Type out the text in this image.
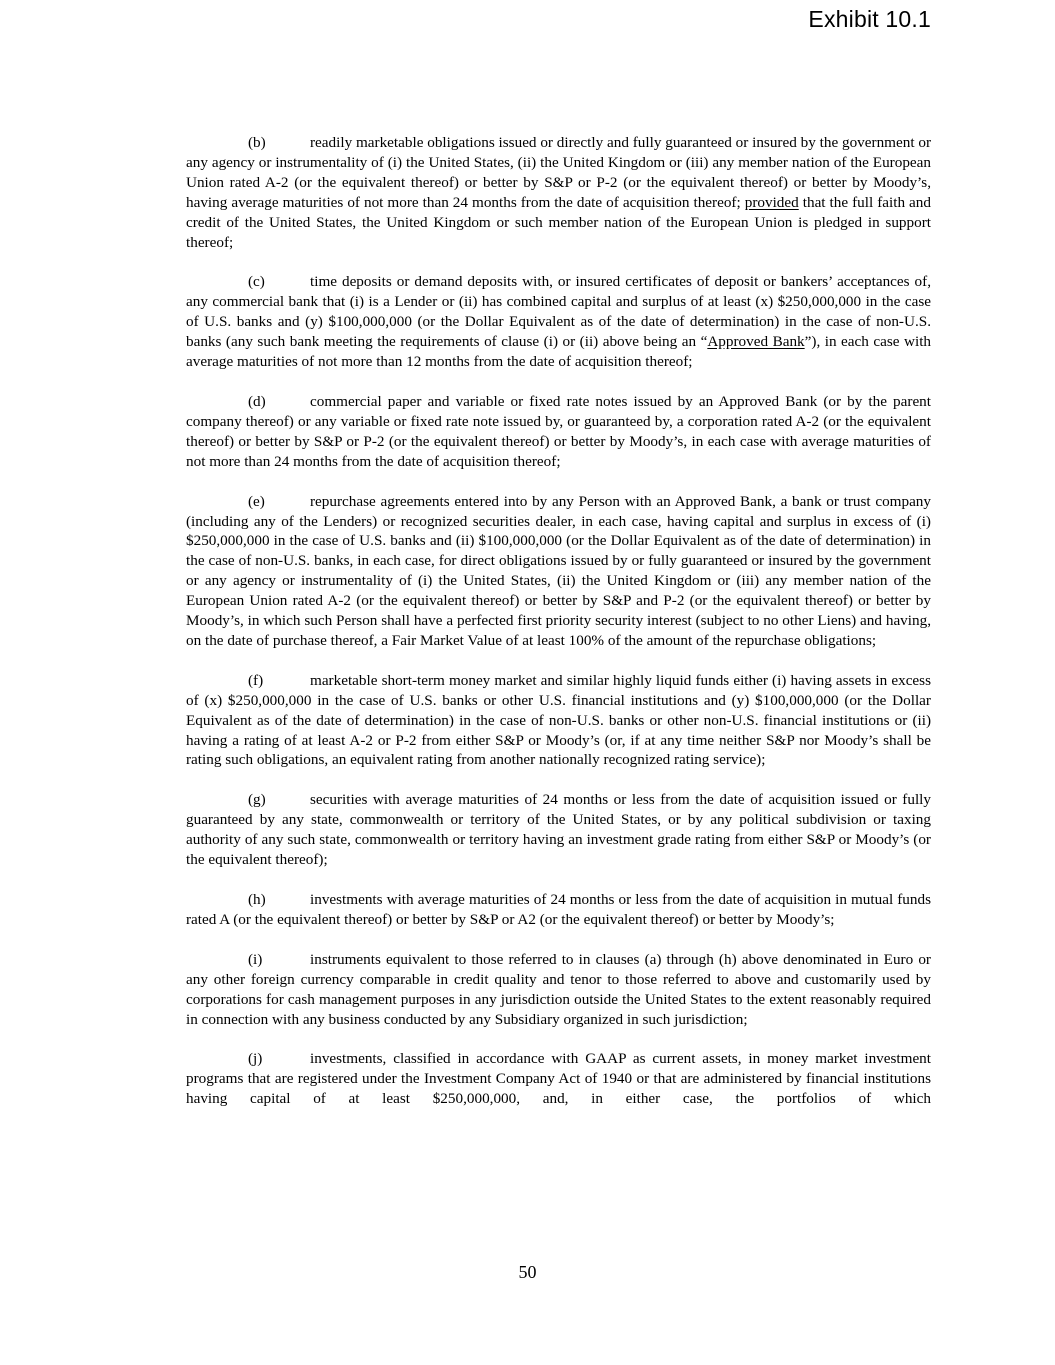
Exhibit 10.1

(b)	readily marketable obligations issued or directly and fully guaranteed or insured by the government or any agency or instrumentality of (i) the United States, (ii) the United Kingdom or (iii) any member nation of the European Union rated A-2 (or the equivalent thereof) or better by S&P or P-2 (or the equivalent thereof) or better by Moody’s, having average maturities of not more than 24 months from the date of acquisition thereof; provided that the full faith and credit of the United States, the United Kingdom or such member nation of the European Union is pledged in support thereof;

(c)	time deposits or demand deposits with, or insured certificates of deposit or bankers’ acceptances of, any commercial bank that (i) is a Lender or (ii) has combined capital and surplus of at least (x) $250,000,000 in the case of U.S. banks and (y) $100,000,000 (or the Dollar Equivalent as of the date of determination) in the case of non-U.S. banks (any such bank meeting the requirements of clause (i) or (ii) above being an “Approved Bank”), in each case with average maturities of not more than 12 months from the date of acquisition thereof;

(d)	commercial paper and variable or fixed rate notes issued by an Approved Bank (or by the parent company thereof) or any variable or fixed rate note issued by, or guaranteed by, a corporation rated A-2 (or the equivalent thereof) or better by S&P or P-2 (or the equivalent thereof) or better by Moody’s, in each case with average maturities of not more than 24 months from the date of acquisition thereof;

(e)	repurchase agreements entered into by any Person with an Approved Bank, a bank or trust company (including any of the Lenders) or recognized securities dealer, in each case, having capital and surplus in excess of (i) $250,000,000 in the case of U.S. banks and (ii) $100,000,000 (or the Dollar Equivalent as of the date of determination) in the case of non-U.S. banks, in each case, for direct obligations issued by or fully guaranteed or insured by the government or any agency or instrumentality of (i) the United States, (ii) the United Kingdom or (iii) any member nation of the European Union rated A-2 (or the equivalent thereof) or better by S&P and P-2 (or the equivalent thereof) or better by Moody’s, in which such Person shall have a perfected first priority security interest (subject to no other Liens) and having, on the date of purchase thereof, a Fair Market Value of at least 100% of the amount of the repurchase obligations;

(f)	marketable short-term money market and similar highly liquid funds either (i) having assets in excess of (x) $250,000,000 in the case of U.S. banks or other U.S. financial institutions and (y) $100,000,000 (or the Dollar Equivalent as of the date of determination) in the case of non-U.S. banks or other non-U.S. financial institutions or (ii) having a rating of at least A-2 or P-2 from either S&P or Moody’s (or, if at any time neither S&P nor Moody’s shall be rating such obligations, an equivalent rating from another nationally recognized rating service);

(g)	securities with average maturities of 24 months or less from the date of acquisition issued or fully guaranteed by any state, commonwealth or territory of the United States, or by any political subdivision or taxing authority of any such state, commonwealth or territory having an investment grade rating from either S&P or Moody’s (or the equivalent thereof);

(h)	investments with average maturities of 24 months or less from the date of acquisition in mutual funds rated A (or the equivalent thereof) or better by S&P or A2 (or the equivalent thereof) or better by Moody’s;

(i)	instruments equivalent to those referred to in clauses (a) through (h) above denominated in Euro or any other foreign currency comparable in credit quality and tenor to those referred to above and customarily used by corporations for cash management purposes in any jurisdiction outside the United States to the extent reasonably required in connection with any business conducted by any Subsidiary organized in such jurisdiction;

(j)	investments, classified in accordance with GAAP as current assets, in money market investment programs that are registered under the Investment Company Act of 1940 or that are administered by financial institutions having capital of at least $250,000,000, and, in either case, the portfolios of which

50
